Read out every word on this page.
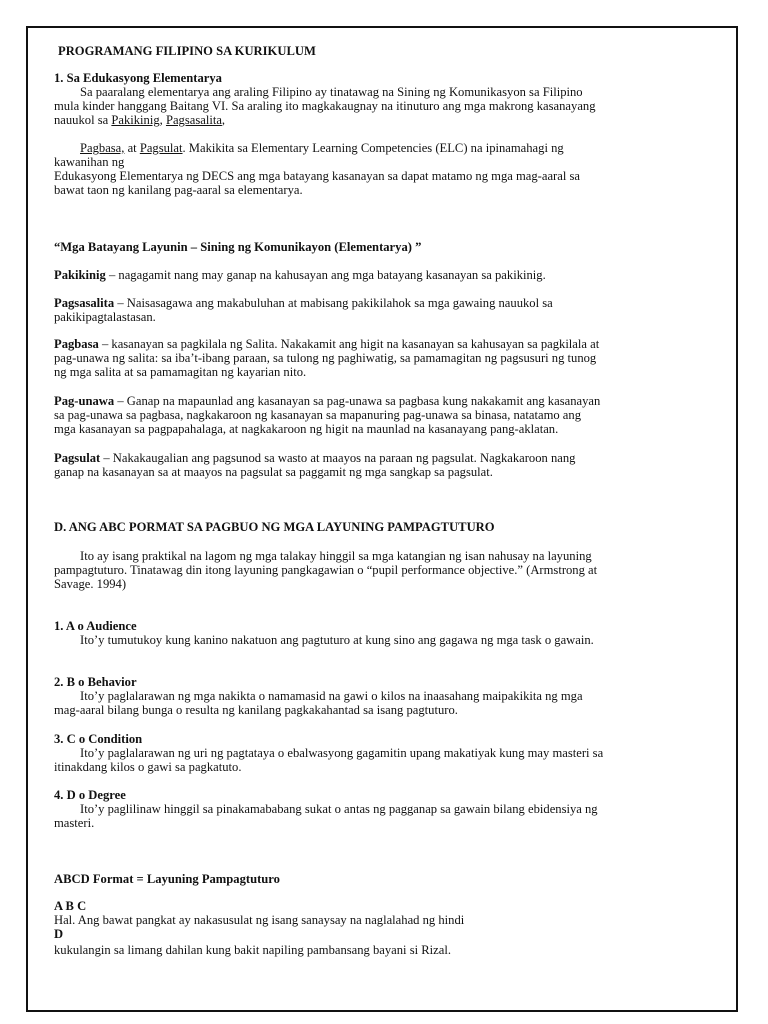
PROGRAMANG FILIPINO SA KURIKULUM
1. Sa Edukasyong Elementarya
Sa paaralang elementarya ang araling Filipino ay tinatawag na Sining ng Komunikasyon sa Filipino
mula kinder hanggang Baitang VI. Sa araling ito magkakaugnay na itinuturo ang mga makrong kasanayang
nauukol sa Pakikinig, Pagsasalita,
Pagbasa, at Pagsulat. Makikita sa Elementary Learning Competencies (ELC) na ipinamahagi ng
kawanihan ng
Edukasyong Elementarya ng DECS ang mga batayang kasanayan sa dapat matamo ng mga mag-aaral sa
bawat taon ng kanilang pag-aaral sa elementarya.
“Mga Batayang Layunin – Sining ng Komunikayon (Elementarya) ”
Pakikinig – nagagamit nang may ganap na kahusayan ang mga batayang kasanayan sa pakikinig.
Pagsasalita – Naisasagawa ang makabuluhan at mabisang pakikilahok sa mga gawaing nauukol sa
pakikipagtalastasan.
Pagbasa – kasanayan sa pagkilala ng Salita. Nakakamit ang higit na kasanayan sa kahusayan sa pagkilala at
pag-unawa ng salita: sa iba’t-ibang paraan, sa tulong ng paghiwatig, sa pamamagitan ng pagsusuri ng tunog
ng mga salita at sa pamamagitan ng kayarian nito.
Pag-unawa – Ganap na mapaunlad ang kasanayan sa pag-unawa sa pagbasa kung nakakamit ang kasanayan
sa pag-unawa sa pagbasa, nagkakaroon ng kasanayan sa mapanuring pag-unawa sa binasa, natatamo ang
mga kasanayan sa pagpapahalaga, at nagkakaroon ng higit na maunlad na kasanayang pang-aklatan.
Pagsulat – Nakakaugalian ang pagsunod sa wasto at maayos na paraan ng pagsulat. Nagkakaroon nang
ganap na kasanayan sa at maayos na pagsulat sa paggamit ng mga sangkap sa pagsulat.
D. ANG ABC PORMAT SA PAGBUO NG MGA LAYUNING PAMPAGTUTURO
Ito ay isang praktikal na lagom ng mga talakay hinggil sa mga katangian ng isan nahusay na layuning
pampagtuturo. Tinatawag din itong layuning pangkagawian o “pupil performance objective.” (Armstrong at
Savage. 1994)
1. A o Audience
Ito’y tumutukoy kung kanino nakatuon ang pagtuturo at kung sino ang gagawa ng mga task o gawain.
2. B o Behavior
Ito’y paglalarawan ng mga nakikta o namamasid na gawi o kilos na inaasahang maipakikita ng mga
mag-aaral bilang bunga o resulta ng kanilang pagkakahantad sa isang pagtuturo.
3. C o Condition
Ito’y paglalarawan ng uri ng pagtataya o ebalwasyong gagamitin upang makatiyak kung may masteri sa
itinakdang kilos o gawi sa pagkatuto.
4. D o Degree
Ito’y paglilinaw hinggil sa pinakamababang sukat o antas ng pagganap sa gawain bilang ebidensiya ng
masteri.
ABCD Format = Layuning Pampagtuturo
A B C
Hal. Ang bawat pangkat ay nakasusulat ng isang sanaysay na naglalahad ng hindi
D
kukulangin sa limang dahilan kung bakit napiling pambansang bayani si Rizal.
